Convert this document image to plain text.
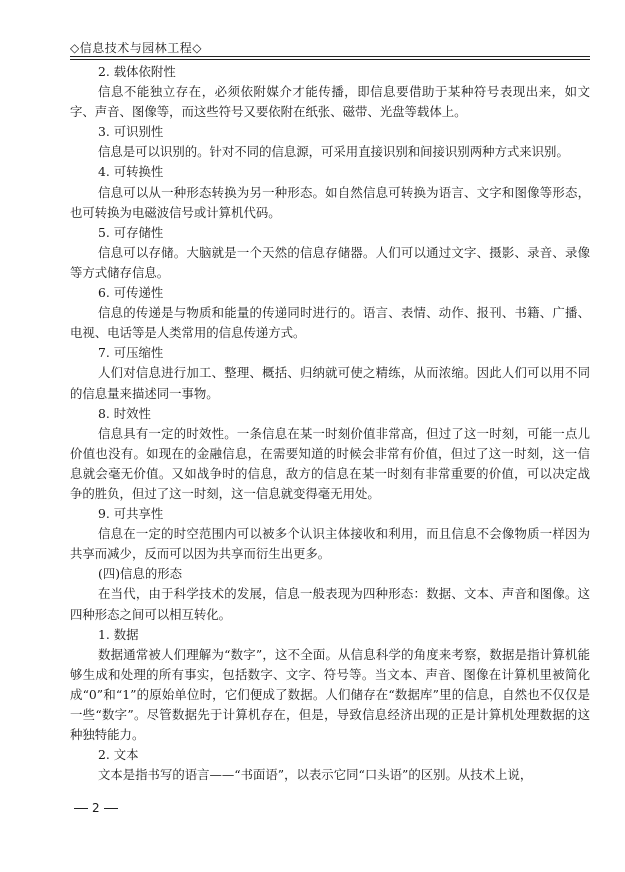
◇信息技术与园林工程◇

2. 载体依附性

信息不能独立存在，必须依附媒介才能传播，即信息要借助于某种符号表现出来，如文字、声音、图像等，而这些符号又要依附在纸张、磁带、光盘等载体上。

3. 可识别性

信息是可以识别的。针对不同的信息源，可采用直接识别和间接识别两种方式来识别。

4. 可转换性

信息可以从一种形态转换为另一种形态。如自然信息可转换为语言、文字和图像等形态，也可转换为电磁波信号或计算机代码。

5. 可存储性

信息可以存储。大脑就是一个天然的信息存储器。人们可以通过文字、摄影、录音、录像等方式储存信息。

6. 可传递性

信息的传递是与物质和能量的传递同时进行的。语言、表情、动作、报刊、书籍、广播、电视、电话等是人类常用的信息传递方式。

7. 可压缩性

人们对信息进行加工、整理、概括、归纳就可使之精练，从而浓缩。因此人们可以用不同的信息量来描述同一事物。

8. 时效性

信息具有一定的时效性。一条信息在某一时刻价值非常高，但过了这一时刻，可能一点儿价值也没有。如现在的金融信息，在需要知道的时候会非常有价值，但过了这一时刻，这一信息就会毫无价值。又如战争时的信息，敌方的信息在某一时刻有非常重要的价值，可以决定战争的胜负，但过了这一时刻，这一信息就变得毫无用处。

9. 可共享性

信息在一定的时空范围内可以被多个认识主体接收和利用，而且信息不会像物质一样因为共享而减少，反而可以因为共享而衍生出更多。

(四)信息的形态

在当代，由于科学技术的发展，信息一般表现为四种形态：数据、文本、声音和图像。这四种形态之间可以相互转化。

1. 数据

数据通常被人们理解为“数字”，这不全面。从信息科学的角度来考察，数据是指计算机能够生成和处理的所有事实，包括数字、文字、符号等。当文本、声音、图像在计算机里被简化成“0”和“1”的原始单位时，它们便成了数据。人们储存在“数据库”里的信息，自然也不仅仅是一些“数字”。尽管数据先于计算机存在，但是，导致信息经济出现的正是计算机处理数据的这种独特能力。

2. 文本

文本是指书写的语言——“书面语”，以表示它同“口头语”的区别。从技术上说，

2
